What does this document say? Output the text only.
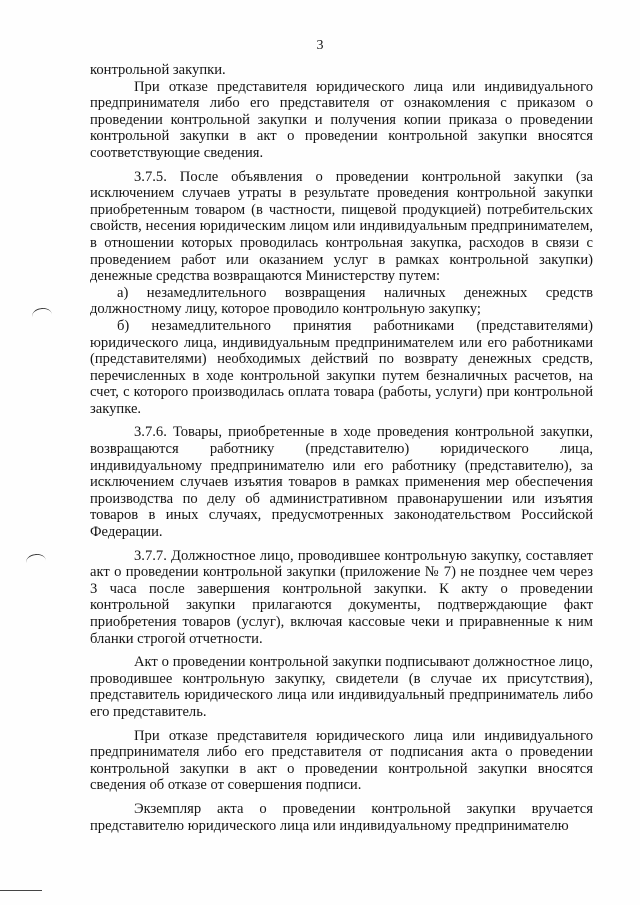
3

контрольной закупки.

При отказе представителя юридического лица или индивидуального предпринимателя либо его представителя от ознакомления с приказом о проведении контрольной закупки и получения копии приказа о проведении контрольной закупки в акт о проведении контрольной закупки вносятся соответствующие сведения.

3.7.5. После объявления о проведении контрольной закупки (за исключением случаев утраты в результате проведения контрольной закупки приобретенным товаром (в частности, пищевой продукцией) потребительских свойств, несения юридическим лицом или индивидуальным предпринимателем, в отношении которых проводилась контрольная закупка, расходов в связи с проведением работ или оказанием услуг в рамках контрольной закупки) денежные средства возвращаются Министерству путем:

а) незамедлительного возвращения наличных денежных средств должностному лицу, которое проводило контрольную закупку;

б) незамедлительного принятия работниками (представителями) юридического лица, индивидуальным предпринимателем или его работниками (представителями) необходимых действий по возврату денежных средств, перечисленных в ходе контрольной закупки путем безналичных расчетов, на счет, с которого производилась оплата товара (работы, услуги) при контрольной закупке.

3.7.6. Товары, приобретенные в ходе проведения контрольной закупки, возвращаются работнику (представителю) юридического лица, индивидуальному предпринимателю или его работнику (представителю), за исключением случаев изъятия товаров в рамках применения мер обеспечения производства по делу об административном правонарушении или изъятия товаров в иных случаях, предусмотренных законодательством Российской Федерации.

3.7.7. Должностное лицо, проводившее контрольную закупку, составляет акт о проведении контрольной закупки (приложение № 7) не позднее чем через 3 часа после завершения контрольной закупки. К акту о проведении контрольной закупки прилагаются документы, подтверждающие факт приобретения товаров (услуг), включая кассовые чеки и приравненные к ним бланки строгой отчетности.

Акт о проведении контрольной закупки подписывают должностное лицо, проводившее контрольную закупку, свидетели (в случае их присутствия), представитель юридического лица или индивидуальный предприниматель либо его представитель.

При отказе представителя юридического лица или индивидуального предпринимателя либо его представителя от подписания акта о проведении контрольной закупки в акт о проведении контрольной закупки вносятся сведения об отказе от совершения подписи.

Экземпляр акта о проведении контрольной закупки вручается представителю юридического лица или индивидуальному предпринимателю
